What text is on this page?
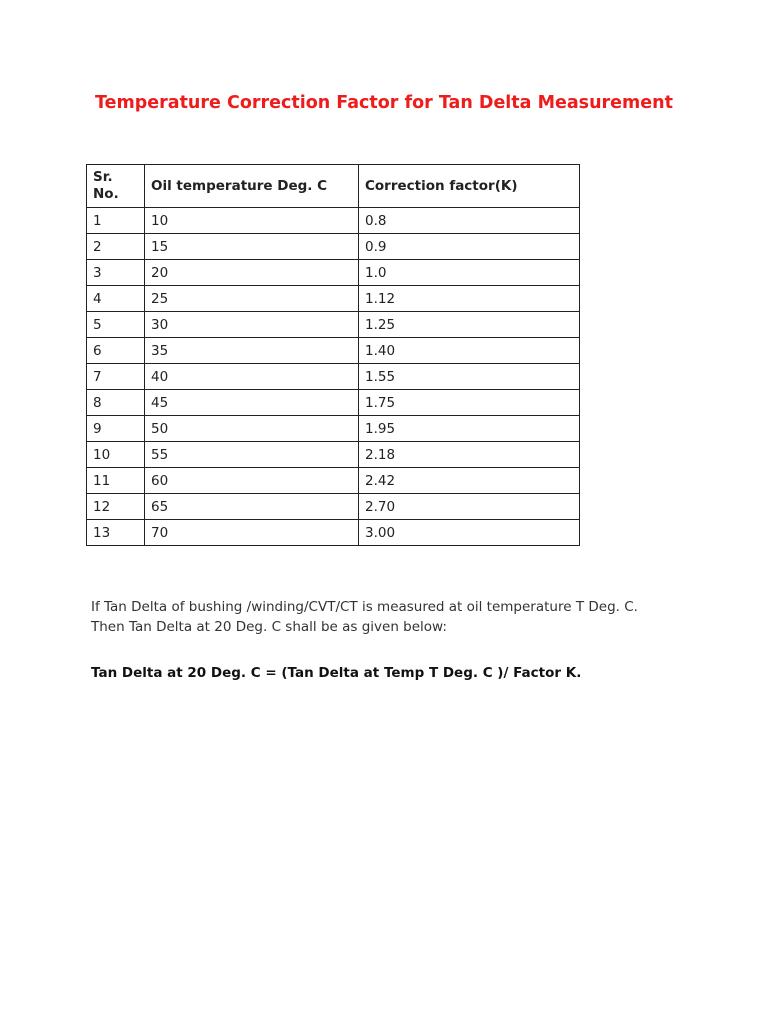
Temperature Correction Factor for Tan Delta Measurement
Sr.
No.	Oil temperature Deg. C	Correction factor(K)
1	10	0.8
2	15	0.9
3	20	1.0
4	25	1.12
5	30	1.25
6	35	1.40
7	40	1.55
8	45	1.75
9	50	1.95
10	55	2.18
11	60	2.42
12	65	2.70
13	70	3.00

If Tan Delta of bushing /winding/CVT/CT is measured at oil temperature T Deg. C.
Then Tan Delta at 20 Deg. C shall be as given below:

Tan Delta at 20 Deg. C = (Tan Delta at Temp T Deg. C )/ Factor K.
